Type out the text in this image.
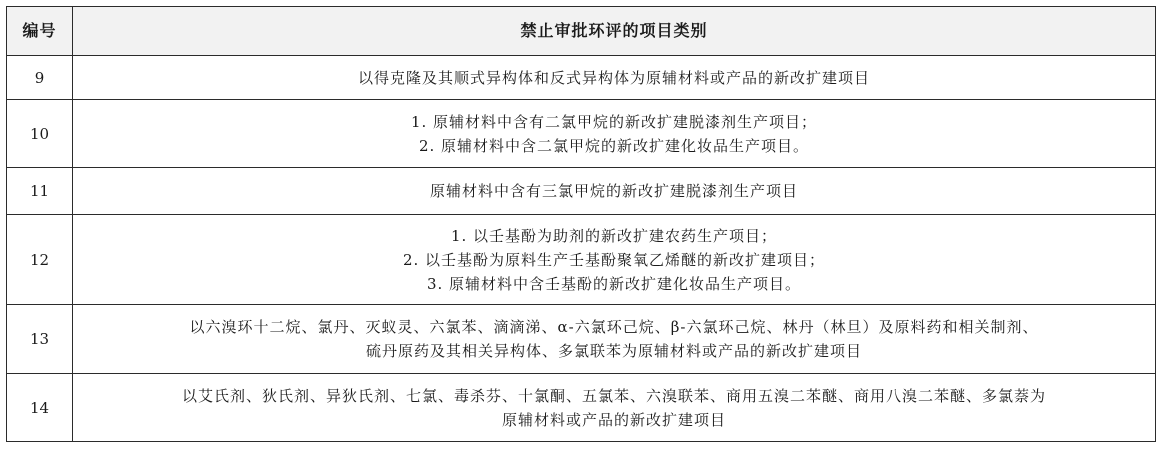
编号	禁止审批环评的项目类别
9	以得克隆及其顺式异构体和反式异构体为原辅材料或产品的新改扩建项目

10	1. 原辅材料中含有二氯甲烷的新改扩建脱漆剂生产项目；
2. 原辅材料中含二氯甲烷的新改扩建化妆品生产项目。

11	原辅材料中含有三氯甲烷的新改扩建脱漆剂生产项目

12	1. 以壬基酚为助剂的新改扩建农药生产项目；
2. 以壬基酚为原料生产壬基酚聚氧乙烯醚的新改扩建项目；
3. 原辅材料中含壬基酚的新改扩建化妆品生产项目。

13	以六溴环十二烷、氯丹、灭蚁灵、六氯苯、滴滴涕、α-六氯环己烷、β-六氯环己烷、林丹（林旦）及原料药和相关制剂、
硫丹原药及其相关异构体、多氯联苯为原辅材料或产品的新改扩建项目

14	以艾氏剂、狄氏剂、异狄氏剂、七氯、毒杀芬、十氯酮、五氯苯、六溴联苯、商用五溴二苯醚、商用八溴二苯醚、多氯萘为
原辅材料或产品的新改扩建项目
